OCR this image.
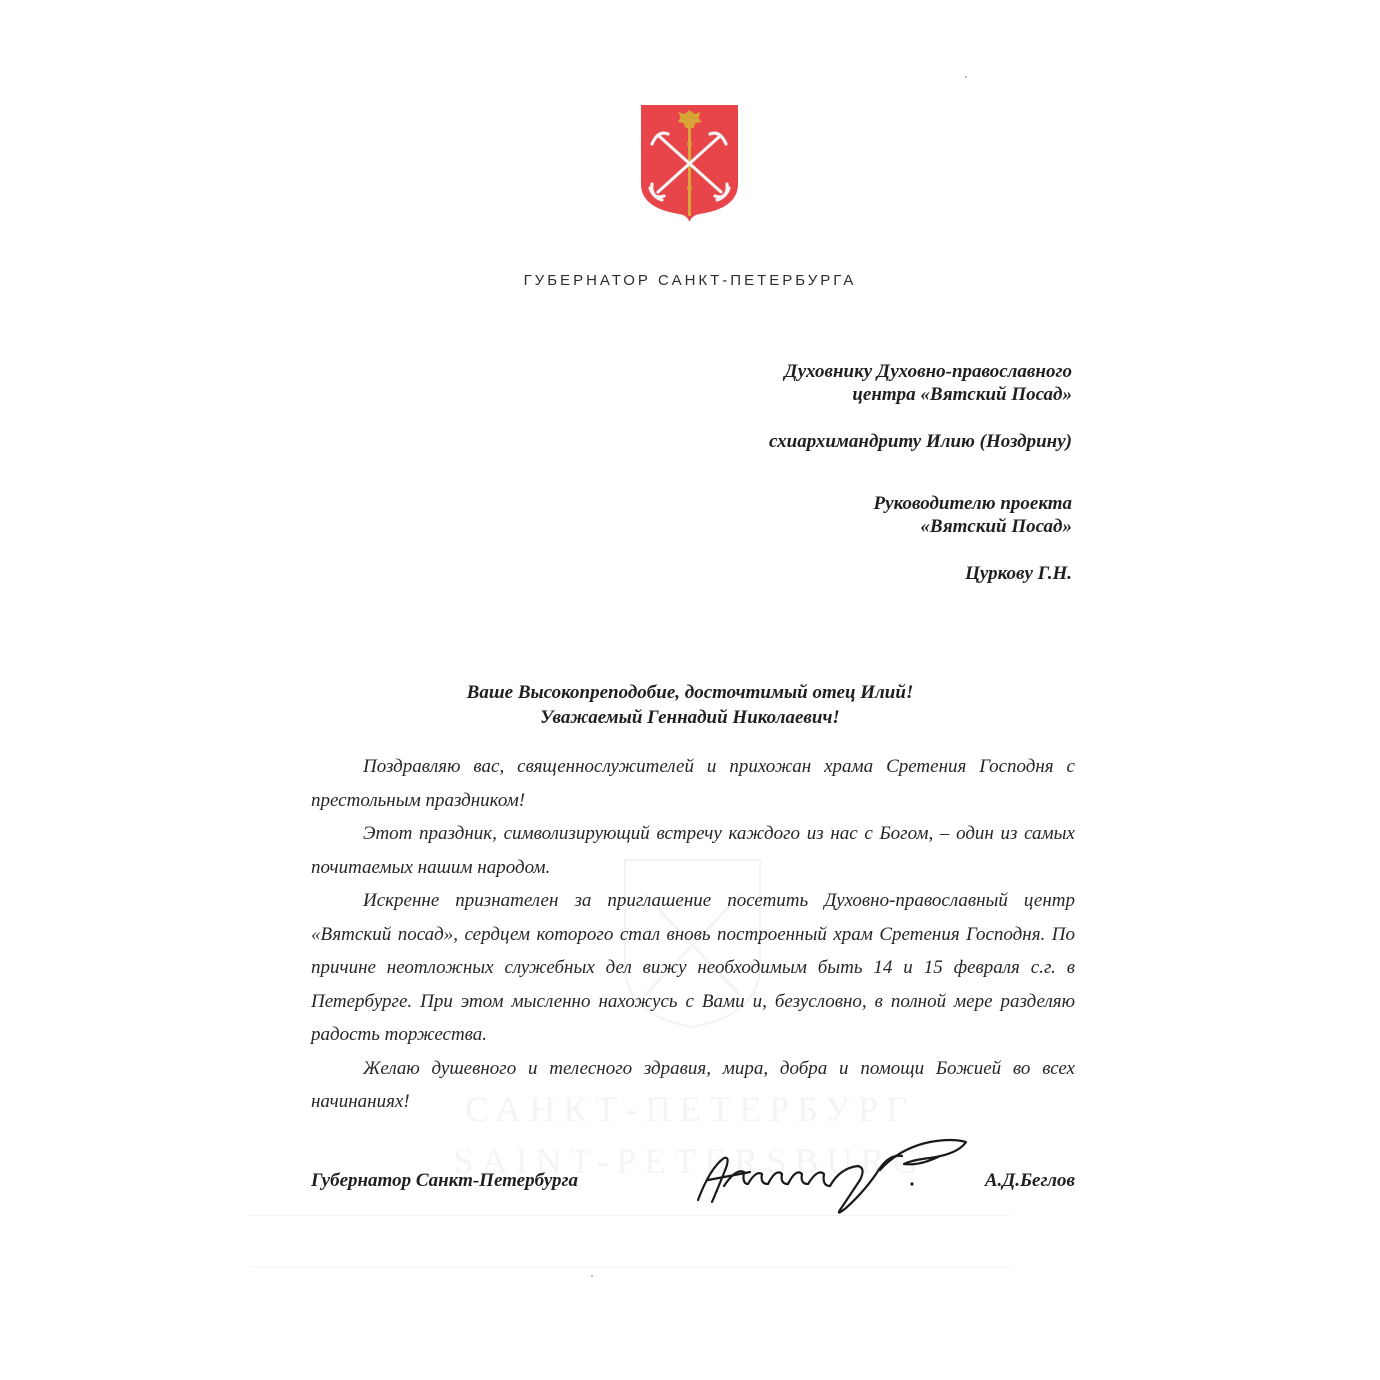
САНКТ-ПЕТЕРБУРГ
SAINT-PETERSBURG
ГУБЕРНАТОР САНКТ-ПЕТЕРБУРГА
Духовнику Духовно-православного
центра «Вятский Посад»
схиархимандриту Илию (Ноздрину)
Руководителю проекта
«Вятский Посад»
Цуркову Г.Н.
Ваше Высокопреподобие, досточтимый отец Илий!
Уважаемый Геннадий Николаевич!

Поздравляю вас, священнослужителей и прихожан храма Сретения Господня с престольным праздником!

Этот праздник, символизирующий встречу каждого из нас с Богом, – один из самых почитаемых нашим народом.

Искренне признателен за приглашение посетить Духовно-православный центр «Вятский посад», сердцем которого стал вновь построенный храм Сретения Господня. По причине неотложных служебных дел вижу необходимым быть 14 и 15 февраля с.г. в Петербурге. При этом мысленно нахожусь с Вами и, безусловно, в полной мере разделяю радость торжества.

Желаю душевного и телесного здравия, мира, добра и помощи Божией во всех начинаниях!

Губернатор Санкт-Петербурга	А.Д.Беглов
